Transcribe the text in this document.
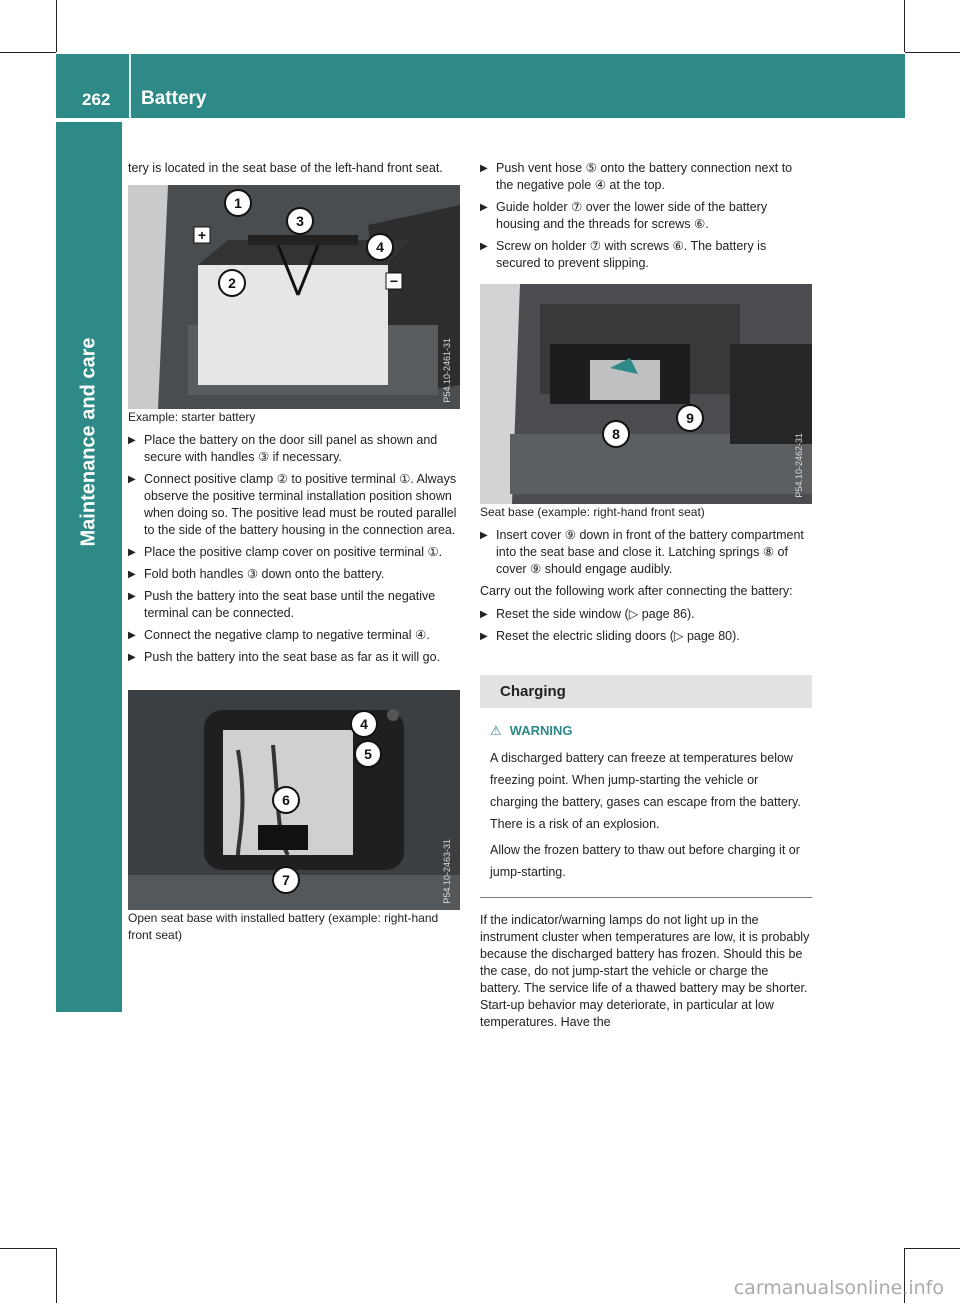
262 Battery
Maintenance and care

tery is located in the seat base of the left-hand front seat.

+
−
1
2
3
4
P54.10-2461-31

Example: starter battery

▶ Place the battery on the door sill panel as shown and secure with handles ③ if necessary.
▶ Connect positive clamp ② to positive terminal ①. Always observe the positive terminal installation position shown when doing so. The positive lead must be routed parallel to the side of the battery housing in the connection area.
▶ Place the positive clamp cover on positive terminal ①.
▶ Fold both handles ③ down onto the battery.
▶ Push the battery into the seat base until the negative terminal can be connected.
▶ Connect the negative clamp to negative terminal ④.
▶ Push the battery into the seat base as far as it will go.
4
5
6
7	P54.10-2463-31

Open seat base with installed battery (example: right-hand front seat)

▶ Push vent hose ⑤ onto the battery connection next to the negative pole ④ at the top.
▶ Guide holder ⑦ over the lower side of the battery housing and the threads for screws ⑥.
▶ Screw on holder ⑦ with screws ⑥. The battery is secured to prevent slipping.
8
9
P54.10-2462-31

Seat base (example: right-hand front seat)

▶ Insert cover ⑨ down in front of the battery compartment into the seat base and close it. Latching springs ⑧ of cover ⑨ should engage audibly.

Carry out the following work after connecting the battery:

▶ Reset the side window (▷ page 86).
▶ Reset the electric sliding doors (▷ page 80).
Charging
⚠ WARNING

A discharged battery can freeze at temperatures below freezing point. When jump-starting the vehicle or charging the battery, gases can escape from the battery. There is a risk of an explosion.

Allow the frozen battery to thaw out before charging it or jump-starting.

If the indicator/warning lamps do not light up in the instrument cluster when temperatures are low, it is probably because the discharged battery has frozen. Should this be the case, do not jump-start the vehicle or charge the battery. The service life of a thawed battery may be shorter. Start-up behavior may deteriorate, in particular at low temperatures. Have the

carmanualsonline.info
